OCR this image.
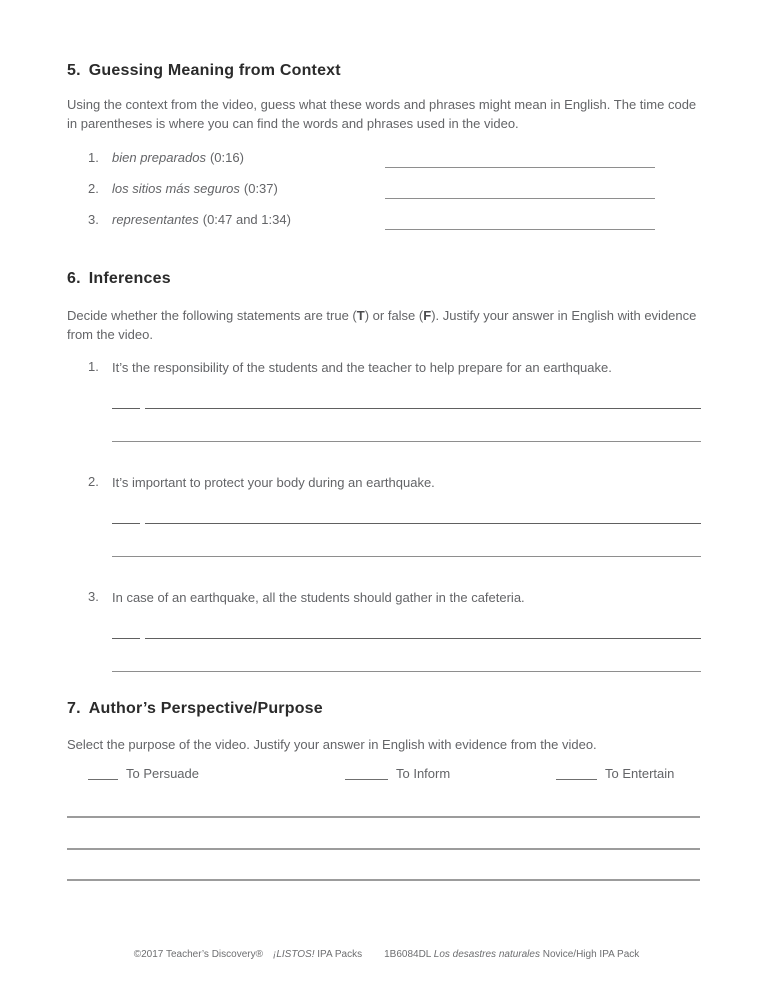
5. Guessing Meaning from Context

Using the context from the video, guess what these words and phrases might mean in English. The time code in parentheses is where you can find the words and phrases used in the video.

1. bien preparados (0:16)
2. los sitios más seguros (0:37)
3. representantes (0:47 and 1:34)
6. Inferences

Decide whether the following statements are true (T) or false (F). Justify your answer in English with evidence from the video.

1. It’s the responsibility of the students and the teacher to help prepare for an earthquake.
2. It’s important to protect your body during an earthquake.
3. In case of an earthquake, all the students should gather in the cafeteria.
7. Author’s Perspective/Purpose

Select the purpose of the video. Justify your answer in English with evidence from the video.

To Persuade	To Inform	To Entertain
©2017 Teacher’s Discovery® ¡LISTOS! IPA Packs 1B6084DL Los desastres naturales Novice/High IPA Pack
